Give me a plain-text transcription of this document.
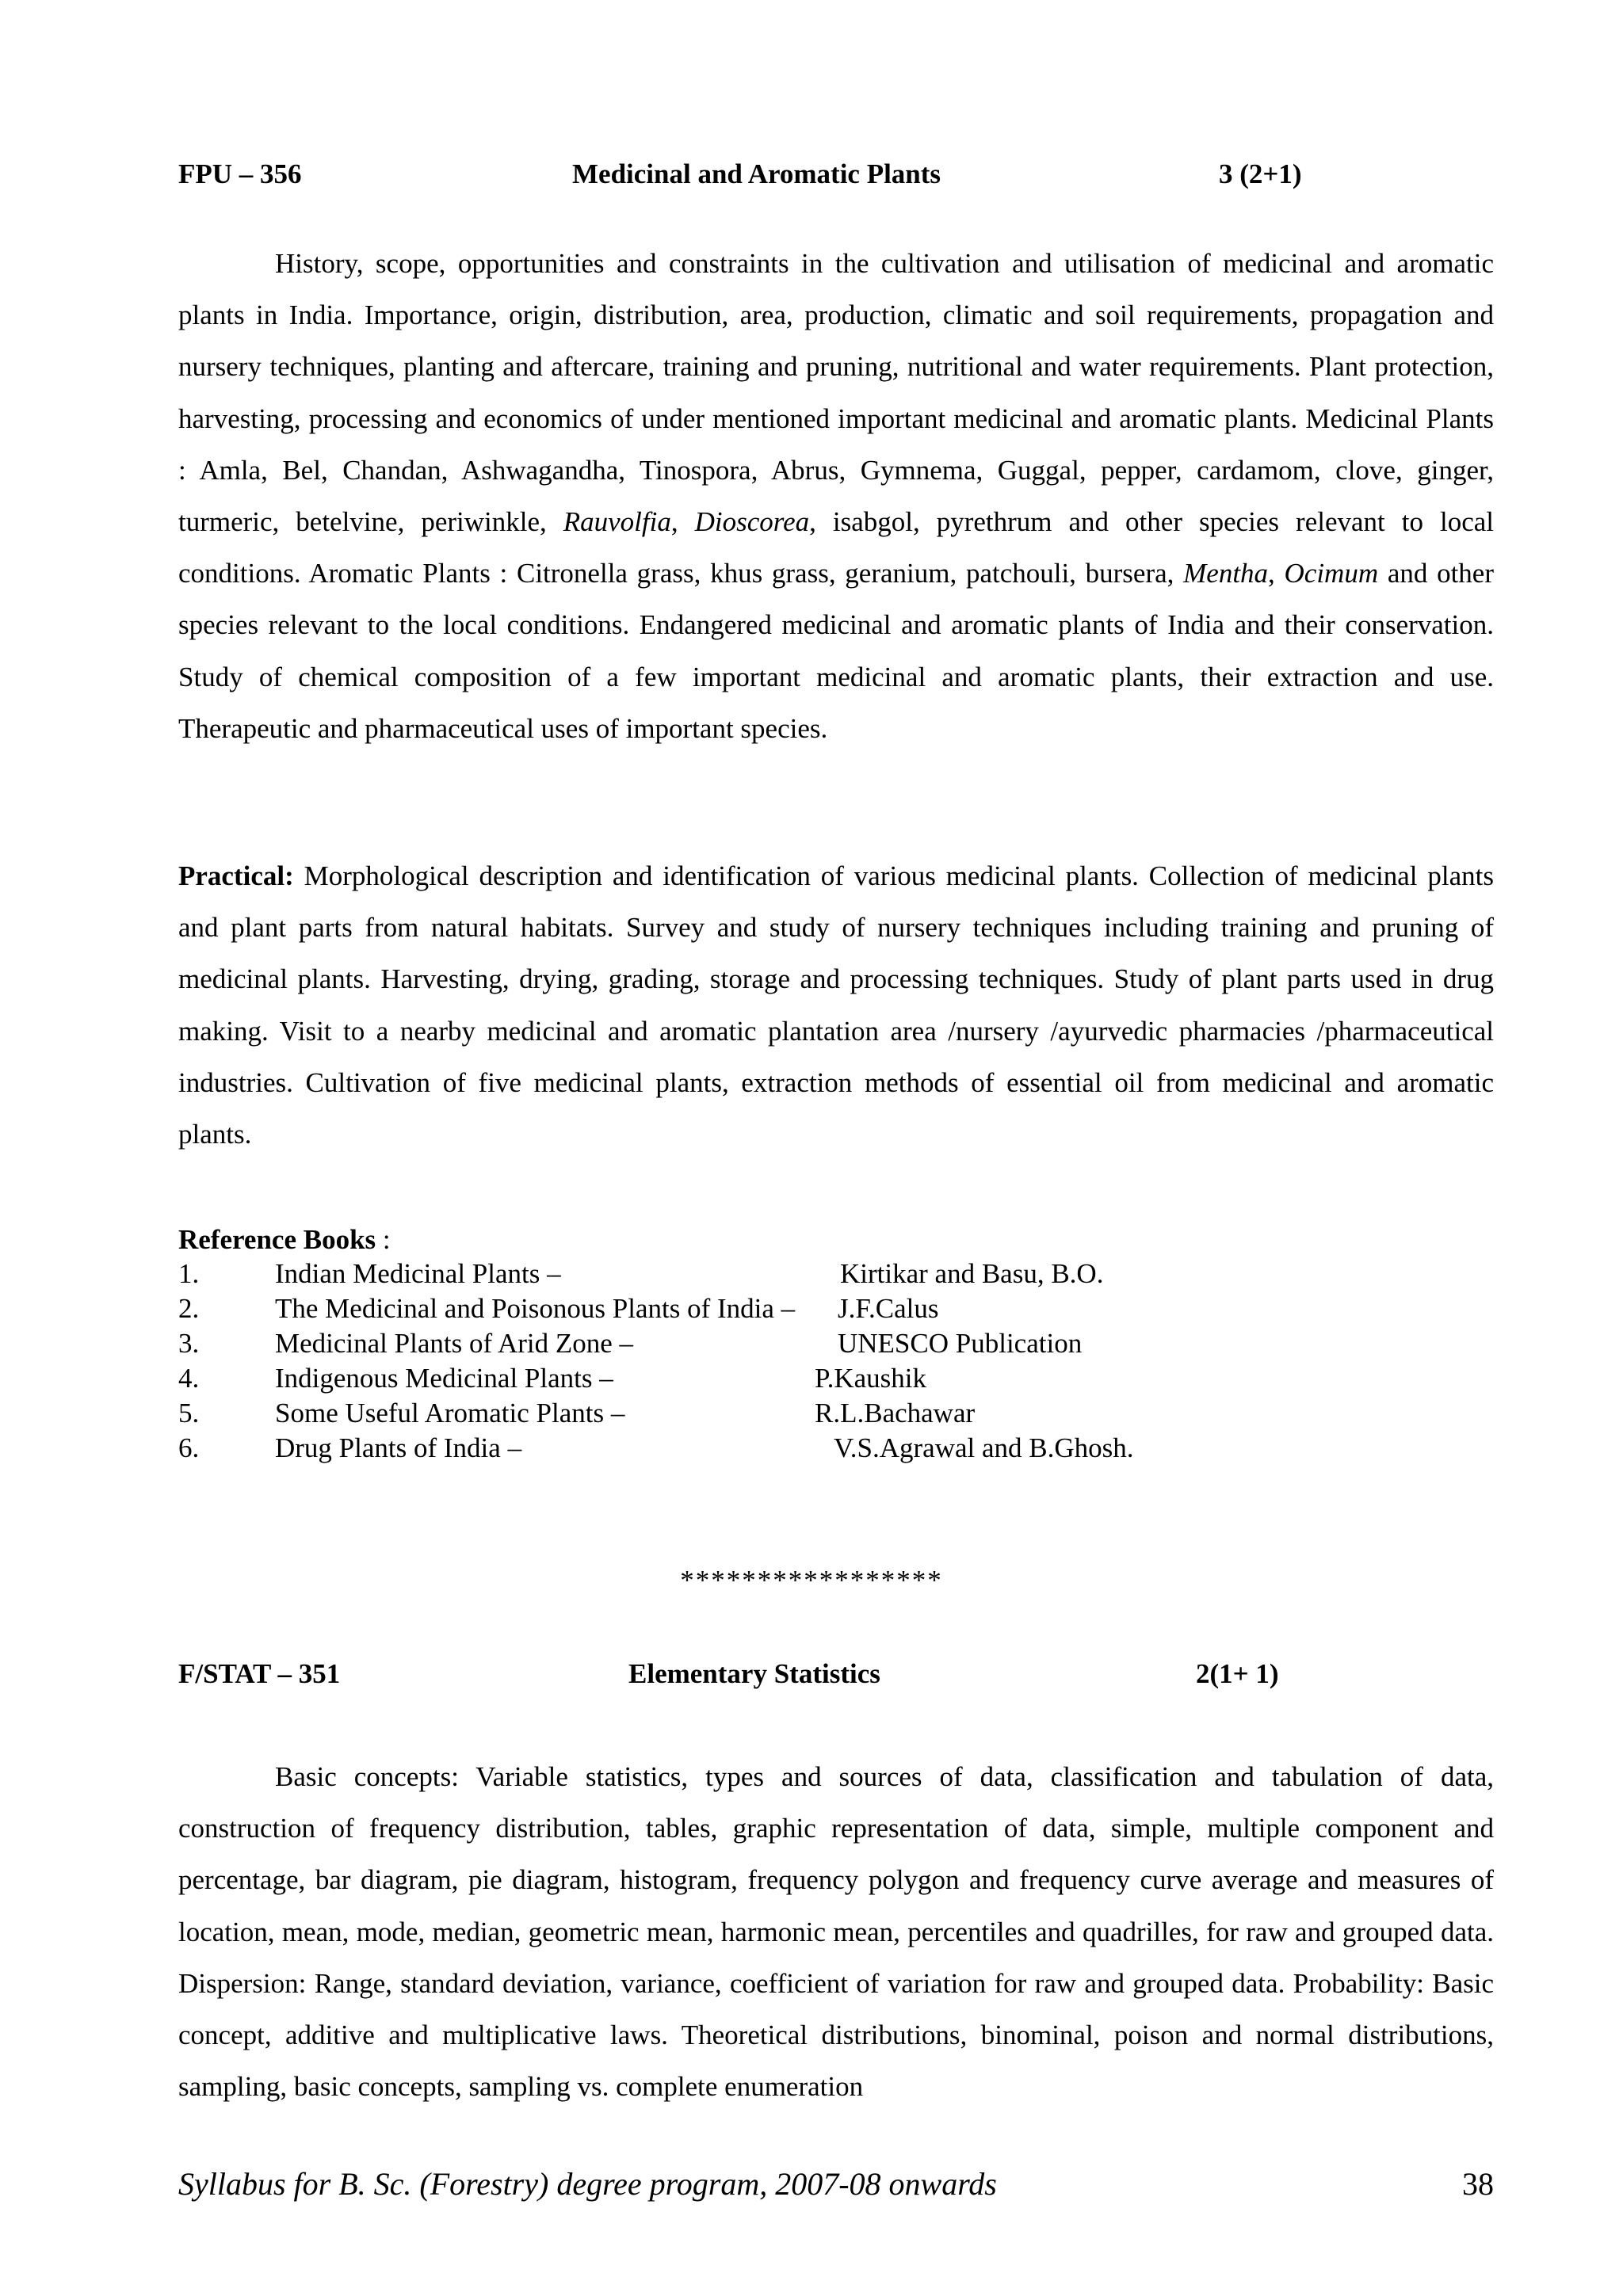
FPU – 356	Medicinal and Aromatic Plants	3 (2+1)

History, scope, opportunities and constraints in the cultivation and utilisation of medicinal and aromatic plants in India. Importance, origin, distribution, area, production, climatic and soil requirements, propagation and nursery techniques, planting and aftercare, training and pruning, nutritional and water requirements. Plant protection, harvesting, processing and economics of under mentioned important medicinal and aromatic plants. Medicinal Plants : Amla, Bel, Chandan, Ashwagandha, Tinospora, Abrus, Gymnema, Guggal, pepper, cardamom, clove, ginger, turmeric, betelvine, periwinkle, Rauvolfia, Dioscorea, isabgol, pyrethrum and other species relevant to local conditions. Aromatic Plants : Citronella grass, khus grass, geranium, patchouli, bursera, Mentha, Ocimum and other species relevant to the local conditions. Endangered medicinal and aromatic plants of India and their conservation. Study of chemical composition of a few important medicinal and aromatic plants, their extraction and use. Therapeutic and pharmaceutical uses of important species.

Practical: Morphological description and identification of various medicinal plants. Collection of medicinal plants and plant parts from natural habitats. Survey and study of nursery techniques including training and pruning of medicinal plants. Harvesting, drying, grading, storage and processing techniques. Study of plant parts used in drug making. Visit to a nearby medicinal and aromatic plantation area /nursery /ayurvedic pharmacies /pharmaceutical industries. Cultivation of five medicinal plants, extraction methods of essential oil from medicinal and aromatic plants.

Reference Books :
1.	Indian Medicinal Plants –	Kirtikar and Basu, B.O.
2.	The Medicinal and Poisonous Plants of India – J.F.Calus
3.	Medicinal Plants of Arid Zone –	UNESCO Publication
4.	Indigenous Medicinal Plants –	P.Kaushik
5.	Some Useful Aromatic Plants –	R.L.Bachawar
6.	Drug Plants of India –	V.S.Agrawal and B.Ghosh.
*****************
F/STAT – 351	Elementary Statistics	2(1+ 1)

Basic concepts: Variable statistics, types and sources of data, classification and tabulation of data, construction of frequency distribution, tables, graphic representation of data, simple, multiple component and percentage, bar diagram, pie diagram, histogram, frequency polygon and frequency curve average and measures of location, mean, mode, median, geometric mean, harmonic mean, percentiles and quadrilles, for raw and grouped data. Dispersion: Range, standard deviation, variance, coefficient of variation for raw and grouped data. Probability: Basic concept, additive and multiplicative laws. Theoretical distributions, binominal, poison and normal distributions, sampling, basic concepts, sampling vs. complete enumeration

Syllabus for B. Sc. (Forestry) degree program, 2007-08 onwards	38
